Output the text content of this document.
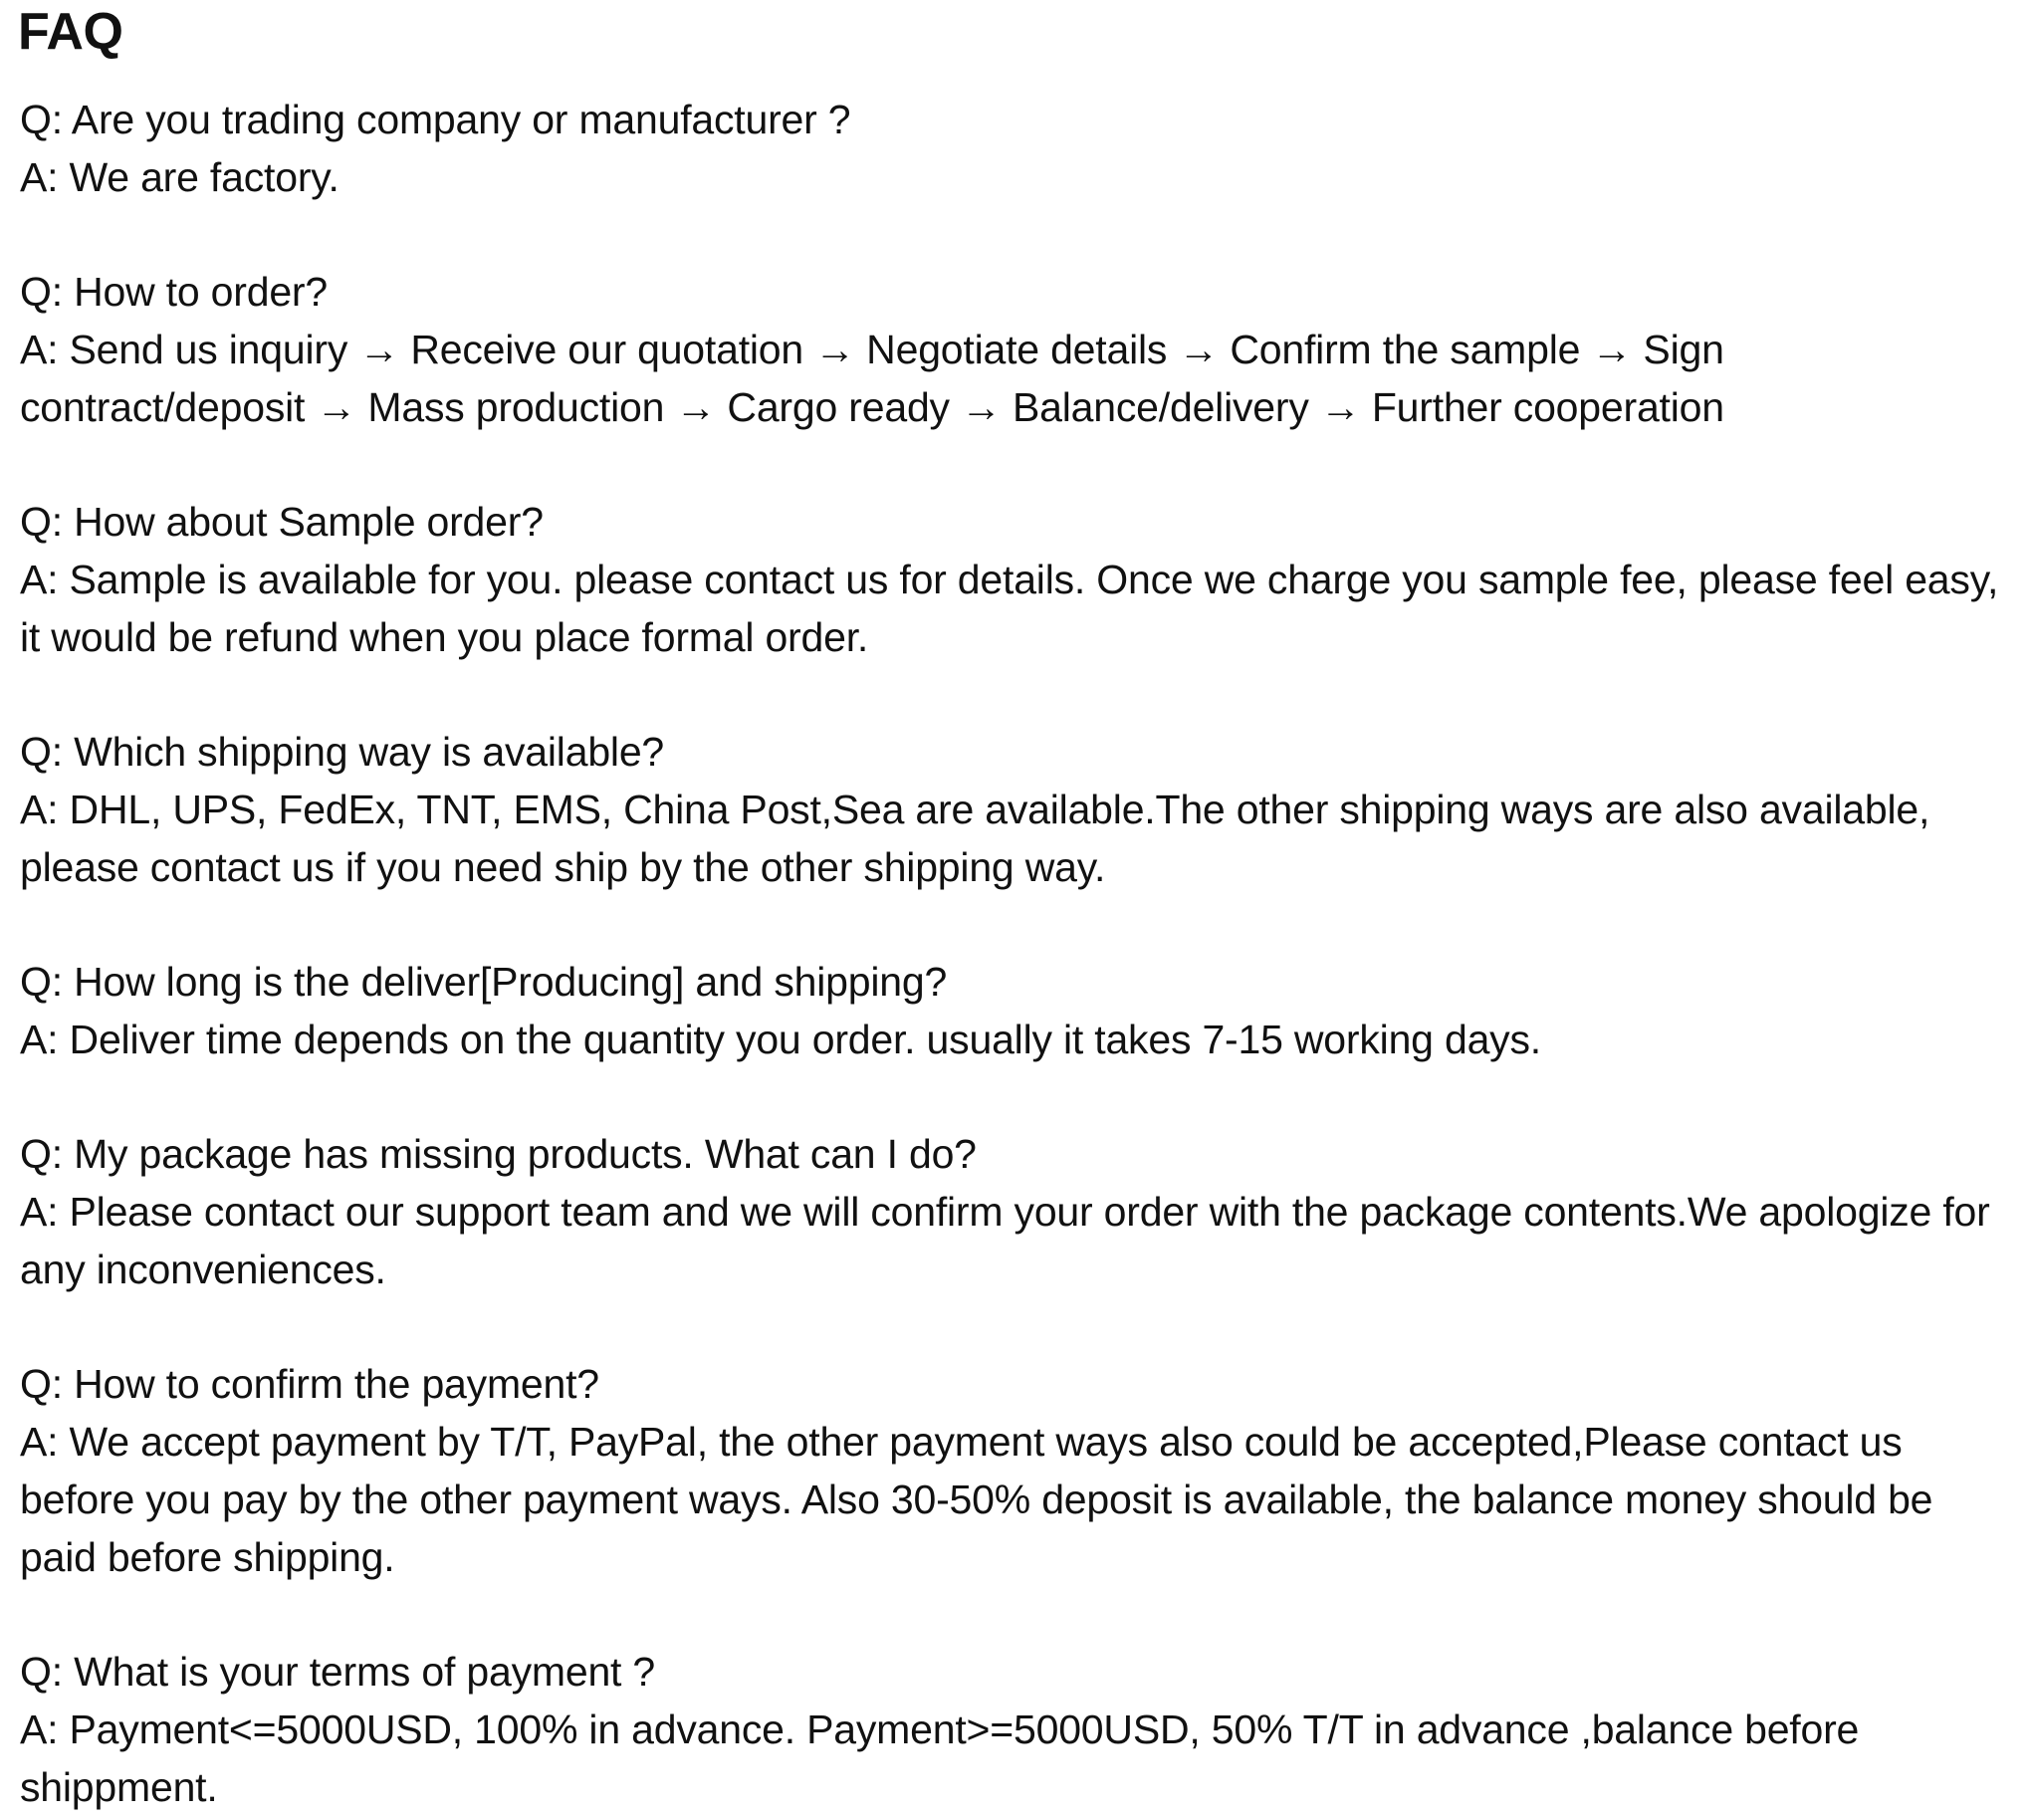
FAQ
Q: Are you trading company or manufacturer ?
A: We are factory.
Q: How to order?
A: Send us inquiry → Receive our quotation → Negotiate details → Confirm the sample → Sign contract/deposit → Mass production → Cargo ready → Balance/delivery → Further cooperation
Q: How about Sample order?
A: Sample is available for you. please contact us for details. Once we charge you sample fee, please feel easy, it would be refund when you place formal order.
Q: Which shipping way is available?
A: DHL, UPS, FedEx, TNT, EMS, China Post,Sea are available.The other shipping ways are also available, please contact us if you need ship by the other shipping way.
Q: How long is the deliver[Producing] and shipping?
A: Deliver time depends on the quantity you order. usually it takes 7-15 working days.
Q: My package has missing products. What can I do?
A: Please contact our support team and we will confirm your order with the package contents.We apologize for any inconveniences.
Q: How to confirm the payment?
A: We accept payment by T/T, PayPal, the other payment ways also could be accepted,Please contact us before you pay by the other payment ways. Also 30-50% deposit is available, the balance money should be paid before shipping.
Q: What is your terms of payment ?
A: Payment<=5000USD, 100% in advance. Payment>=5000USD, 50% T/T in advance ,balance before shippment.
